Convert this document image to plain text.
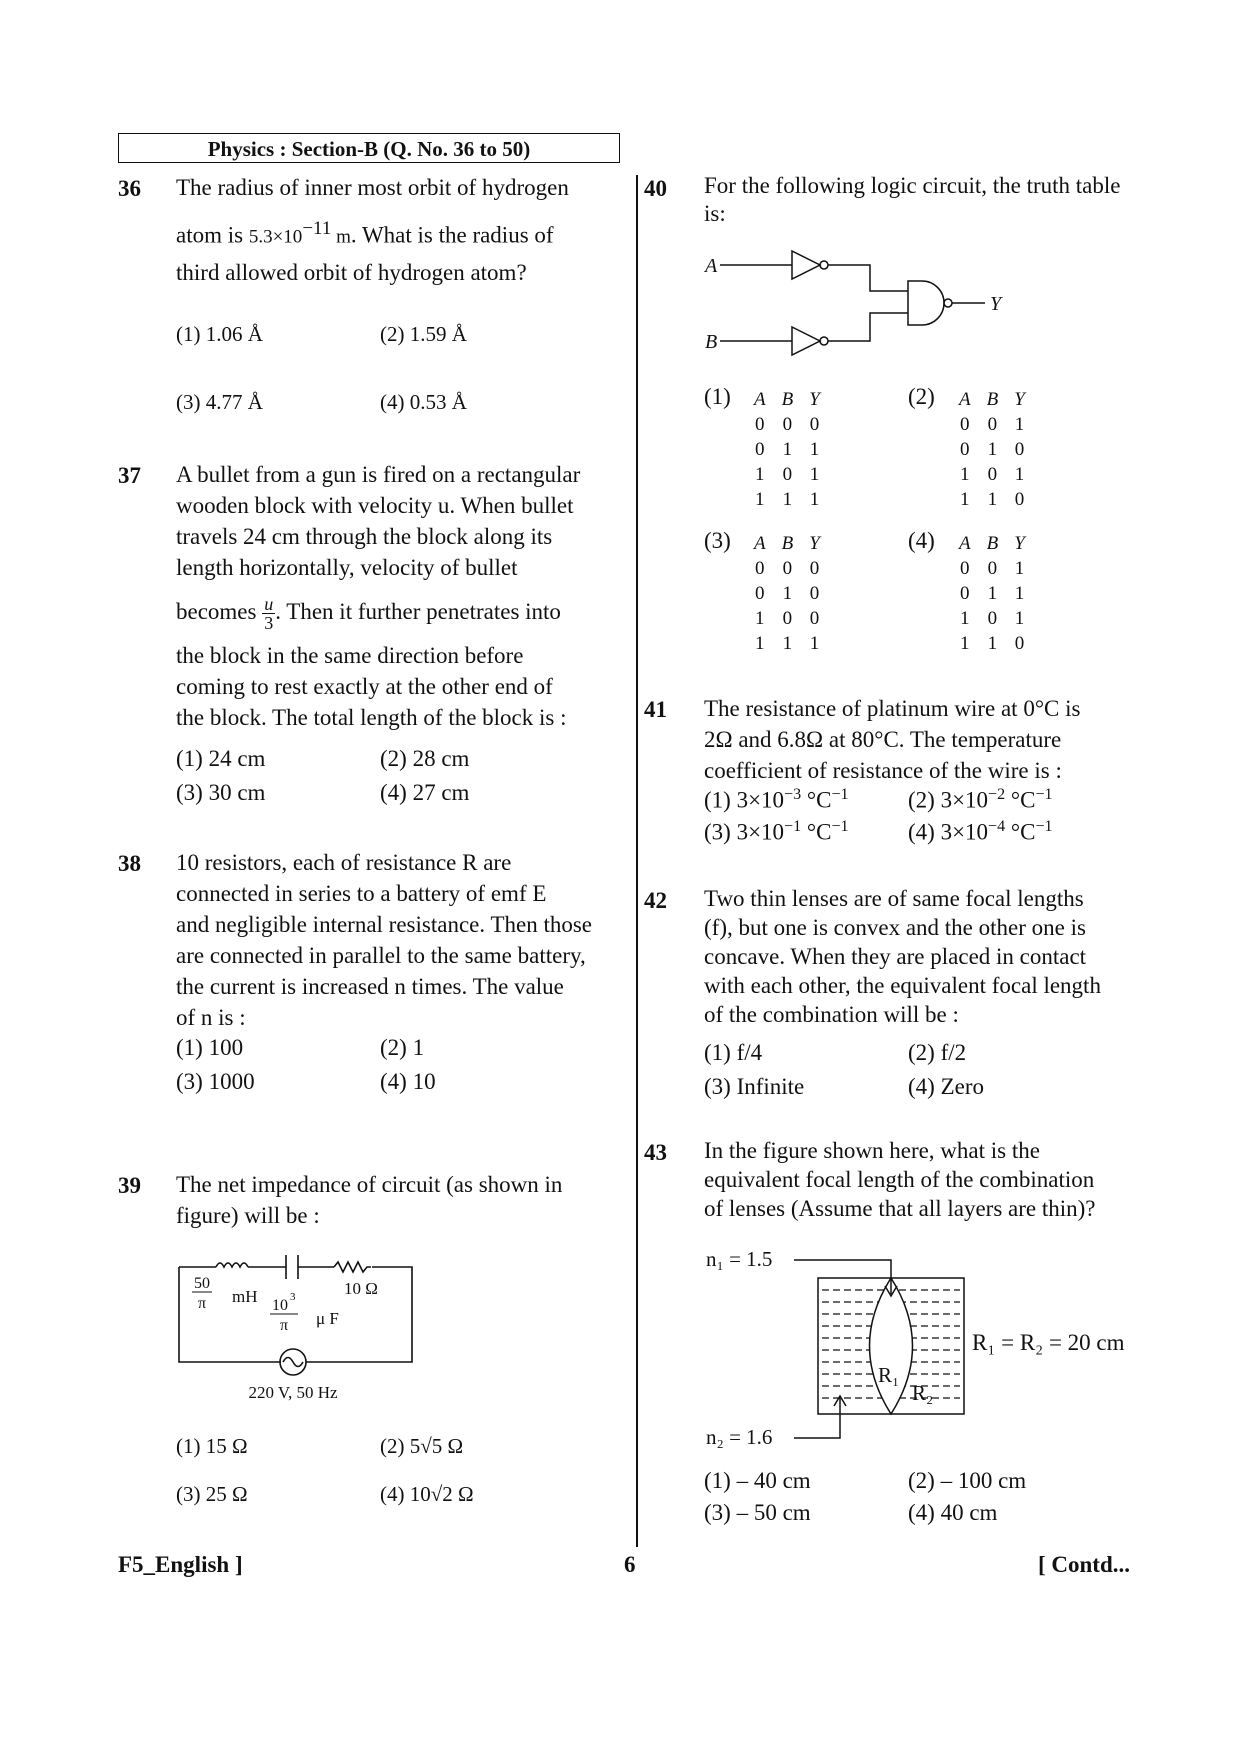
Physics : Section-B (Q. No. 36 to 50)
36 The radius of inner most orbit of hydrogen
atom is $5.3\times 10^{-11}$ m. What is the radius of
third allowed orbit of hydrogen atom?
(1) 1.06 Å	(2) 1.59 Å
(3) 4.77 Å	(4) 0.53 Å
37 A bullet from a gun is fired on a rectangular
wooden block with velocity u. When bullet
travels 24 cm through the block along its
length horizontally, velocity of bullet
becomes $\frac{u}{3}$ . Then it further penetrates into
the block in the same direction before
coming to rest exactly at the other end of
the block. The total length of the block is :
(1) 24 cm	(2) 28 cm
(3) 30 cm	(4) 27 cm
38 10 resistors, each of resistance R are
connected in series to a battery of emf E
and negligible internal resistance. Then those
are connected in parallel to the same battery,
the current is increased n times. The value
of n is :
(1) 100	(2) 1
(3) 1000	(4) 10
39 The net impedance of circuit (as shown in
figure) will be :
50
π mH 10 3
π μ F
10 Ω
220 V, 50 Hz
(1) 15 Ω	(2) 5√5 Ω
(3) 25 Ω	(4) 10√2 Ω
40 For the following logic circuit, the truth table
is:
A
B
Y
(1) A	B	Y
0	0	0
0	1	1
1	0	1
1	1	1
(2) A	B	Y
0	0	1
0	1	0
1	0	1
1	1	0
(3) A	B	Y
0	0	0
0	1	0
1	0	0
1	1	1
(4) A	B	Y
0	0	1
0	1	1
1	0	1
1	1	0
41 The resistance of platinum wire at 0°C is
2Ω and 6.8Ω at 80°C. The temperature
coefficient of resistance of the wire is :
(1) $3\times 10^{-3}$ $^\circ C^{-1}$	(2) $3\times 10^{-2}$ $^\circ C^{-1}$
(3) $3\times 10^{-1}$ $^\circ C^{-1}$	(4) $3\times 10^{-4}$ $^\circ C^{-1}$
42 Two thin lenses are of same focal lengths
(f), but one is convex and the other one is
concave. When they are placed in contact
with each other, the equivalent focal length
of the combination will be :
(1) f/4	(2) f/2
(3) Infinite	(4) Zero
43 In the figure shown here, what is the
equivalent focal length of the combination
of lenses (Assume that all layers are thin)?
n₁ = 1.5
n₂ = 1.6
R₁
R₂
R₁ = R₂ = 20 cm
(1) – 40 cm	(2) – 100 cm
(3) – 50 cm	(4) 40 cm
F5_English ]	6	[ Contd...
